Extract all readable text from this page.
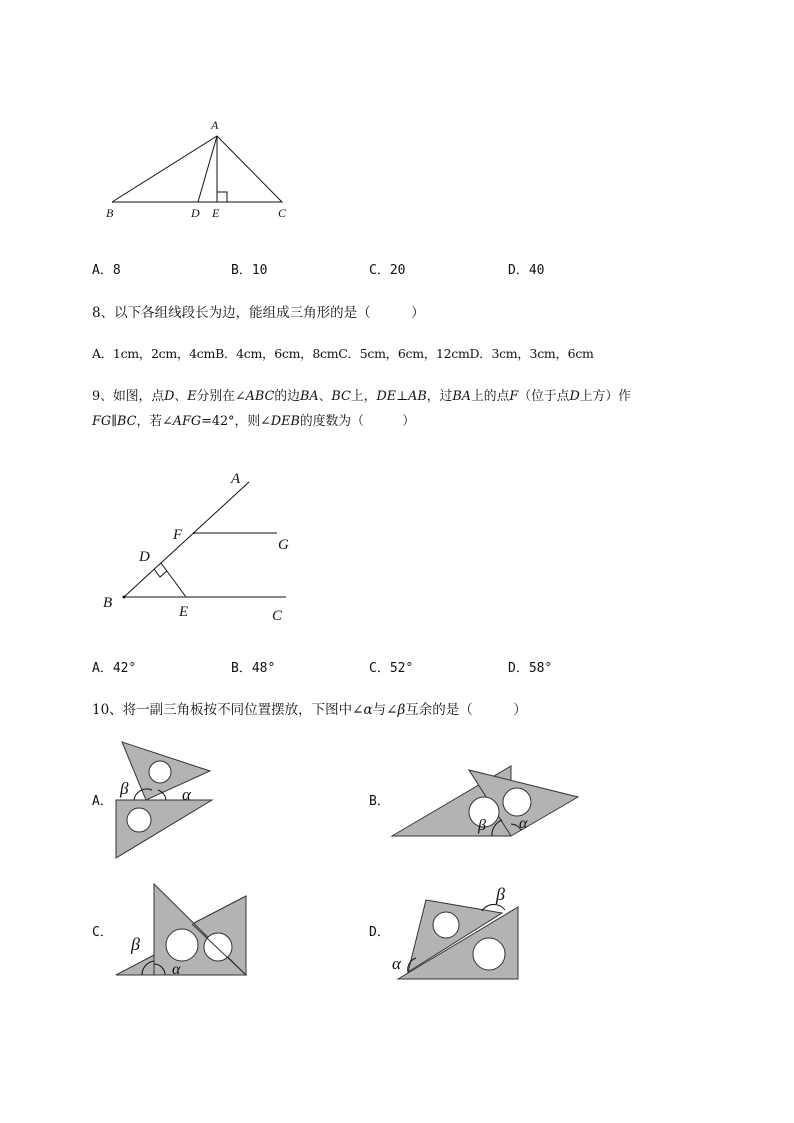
A
B	D E	C
A．8	B．10	C．20	D．40
8、以下各组线段长为边，能组成三角形的是（　　　）
A．1cm，2cm，4cmB．4cm，6cm，8cmC．5cm，6cm，12cmD．3cm，3cm，6cm
9、如图，点D、E分别在∠ABC的边BA、BC上，DE⊥AB，过BA上的点F（位于点D上方）作
FG∥BC，若∠AFG=42°，则∠DEB的度数为（　　　）
A
F
G
D
B
E	C
A．42°	B．48°	C．52°	D．58°
10、将一副三角板按不同位置摆放，下图中∠α与∠β互余的是（　　　）
A．
β	α	B．
β α
C．
β
α
D．
β
α
